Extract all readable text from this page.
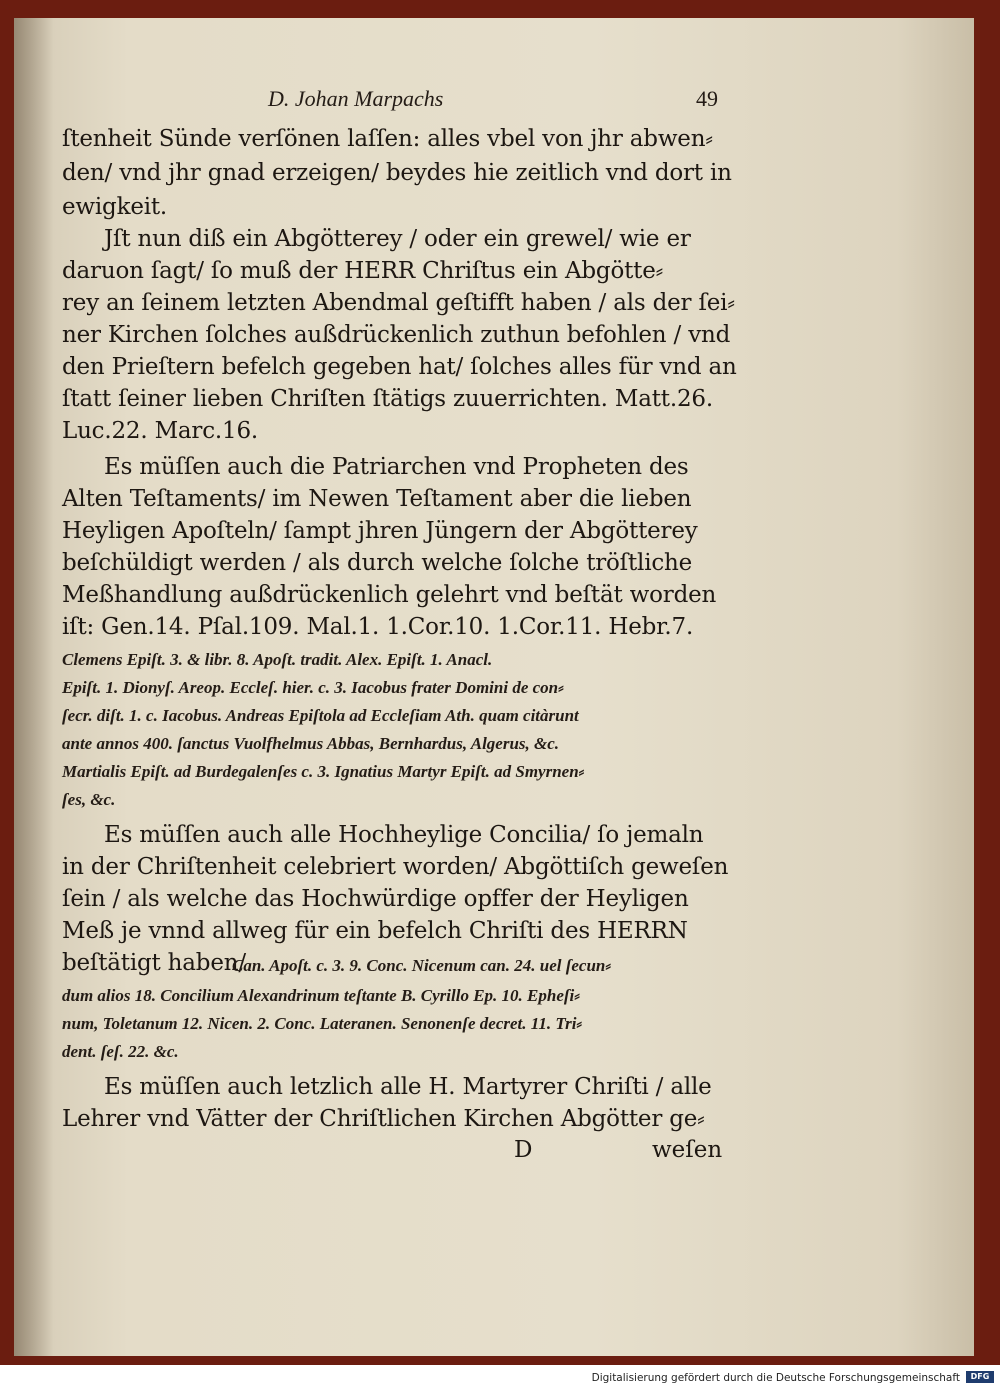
D. Johan Marpachs	49
ſtenheit Sünde verſönen laſſen: alles vbel von jhr abwen⸗
den/ vnd jhr gnad erzeigen/ beydes hie zeitlich vnd dort in
ewigkeit.
Jſt nun diß ein Abgötterey / oder ein grewel/ wie er
daruon ſagt/ ſo muß der HERR Chriſtus ein Abgötte⸗
rey an ſeinem letzten Abendmal geſtifft haben / als der ſei⸗
ner Kirchen ſolches außdrückenlich zuthun befohlen / vnd
den Prieſtern befelch gegeben hat/ ſolches alles für vnd an
ſtatt ſeiner lieben Chriſten ſtätigs zuuerrichten. Matt.26.
Luc.22. Marc.16.
Es müſſen auch die Patriarchen vnd Propheten des
Alten Teſtaments/ im Newen Teſtament aber die lieben
Heyligen Apoſteln/ ſampt jhren Jüngern der Abgötterey
beſchüldigt werden / als durch welche ſolche tröſtliche
Meßhandlung außdrückenlich gelehrt vnd beſtät worden
iſt: Gen.14. Pſal.109. Mal.1. 1.Cor.10. 1.Cor.11. Hebr.7.
Clemens Epiſt. 3. & libr. 8. Apoſt. tradit. Alex. Epiſt. 1. Anacl.
Epiſt. 1. Dionyſ. Areop. Eccleſ. hier. c. 3. Iacobus frater Domini de con⸗
ſecr. diſt. 1. c. Iacobus. Andreas Epiſtola ad Eccleſiam Ath. quam citàrunt
ante annos 400. ſanctus Vuolfhelmus Abbas, Bernhardus, Algerus, &c.
Martialis Epiſt. ad Burdegalenſes c. 3. Ignatius Martyr Epiſt. ad Smyrnen⸗
ſes, &c.
Es müſſen auch alle Hochheylige Concilia/ ſo jemaln
in der Chriſtenheit celebriert worden/ Abgöttiſch geweſen
ſein / als welche das Hochwürdige opffer der Heyligen
Meß je vnnd allweg für ein befelch Chriſti des HERRN
beſtätigt haben/
Can. Apoſt. c. 3. 9. Conc. Nicenum can. 24. uel ſecun⸗
dum alios 18. Concilium Alexandrinum teſtante B. Cyrillo Ep. 10. Epheſi⸗
num, Toletanum 12. Nicen. 2. Conc. Lateranen. Senonenſe decret. 11. Tri⸗
dent. ſeſ. 22. &c.
Es müſſen auch letzlich alle H. Martyrer Chriſti / alle
Lehrer vnd Vätter der Chriſtlichen Kirchen Abgötter ge⸗
D	weſen
Digitalisierung gefördert durch die Deutsche Forschungsgemeinschaft	DFG
